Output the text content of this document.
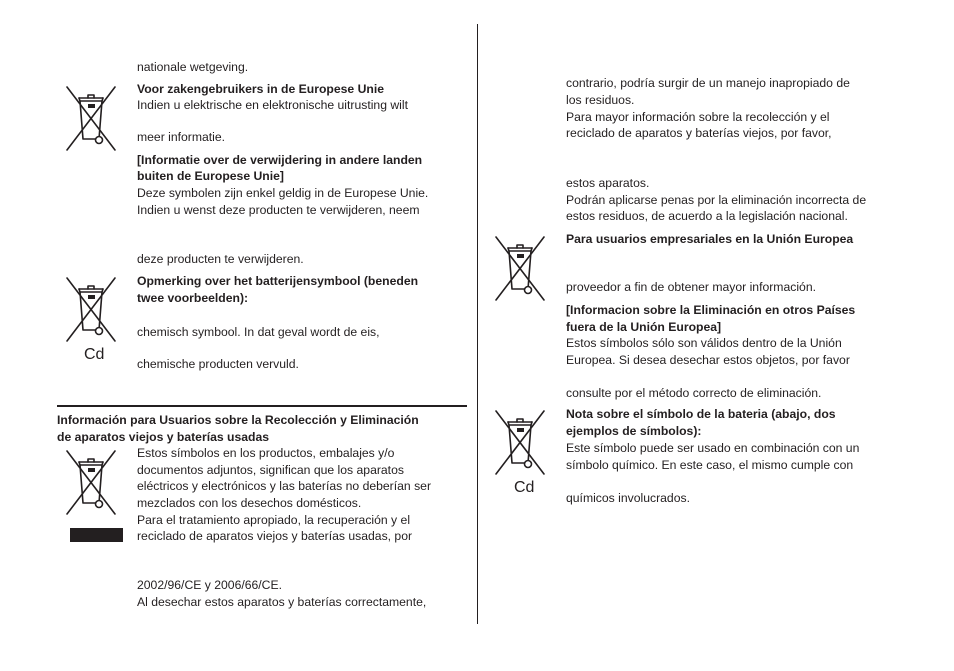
nationale wetgeving.
Voor zakengebruikers in de Europese Unie
Indien u elektrische en elektronische uitrusting wilt
meer informatie.
[Informatie over de verwijdering in andere landen
buiten de Europese Unie]
Deze symbolen zijn enkel geldig in de Europese Unie.
Indien u wenst deze producten te verwijderen, neem
deze producten te verwijderen.
Cd
Opmerking over het batterijensymbool (beneden
twee voorbeelden):
chemisch symbool. In dat geval wordt de eis,
chemische producten vervuld.
Información para Usuarios sobre la Recolección y Eliminación
de aparatos viejos y baterías usadas
Estos símbolos en los productos, embalajes y/o
documentos adjuntos, significan que los aparatos
eléctricos y electrónicos y las baterías no deberían ser
mezclados con los desechos domésticos.
Para el tratamiento apropiado, la recuperación y el
reciclado de aparatos viejos y baterías usadas, por
2002/96/CE y 2006/66/CE.
Al desechar estos aparatos y baterías correctamente,
contrario, podría surgir de un manejo inapropiado de
los residuos.
Para mayor información sobre la recolección y el
reciclado de aparatos y baterías viejos, por favor,
estos aparatos.
Podrán aplicarse penas por la eliminación incorrecta de
estos residuos, de acuerdo a la legislación nacional.
Para usuarios empresariales en la Unión Europea
proveedor a fin de obtener mayor información.
[Informacion sobre la Eliminación en otros Países
fuera de la Unión Europea]
Estos símbolos sólo son válidos dentro de la Unión
Europea. Si desea desechar estos objetos, por favor
consulte por el método correcto de eliminación.
Cd
Nota sobre el símbolo de la bateria (abajo, dos
ejemplos de símbolos):
Este símbolo puede ser usado en combinación con un
símbolo químico. En este caso, el mismo cumple con
químicos involucrados.
